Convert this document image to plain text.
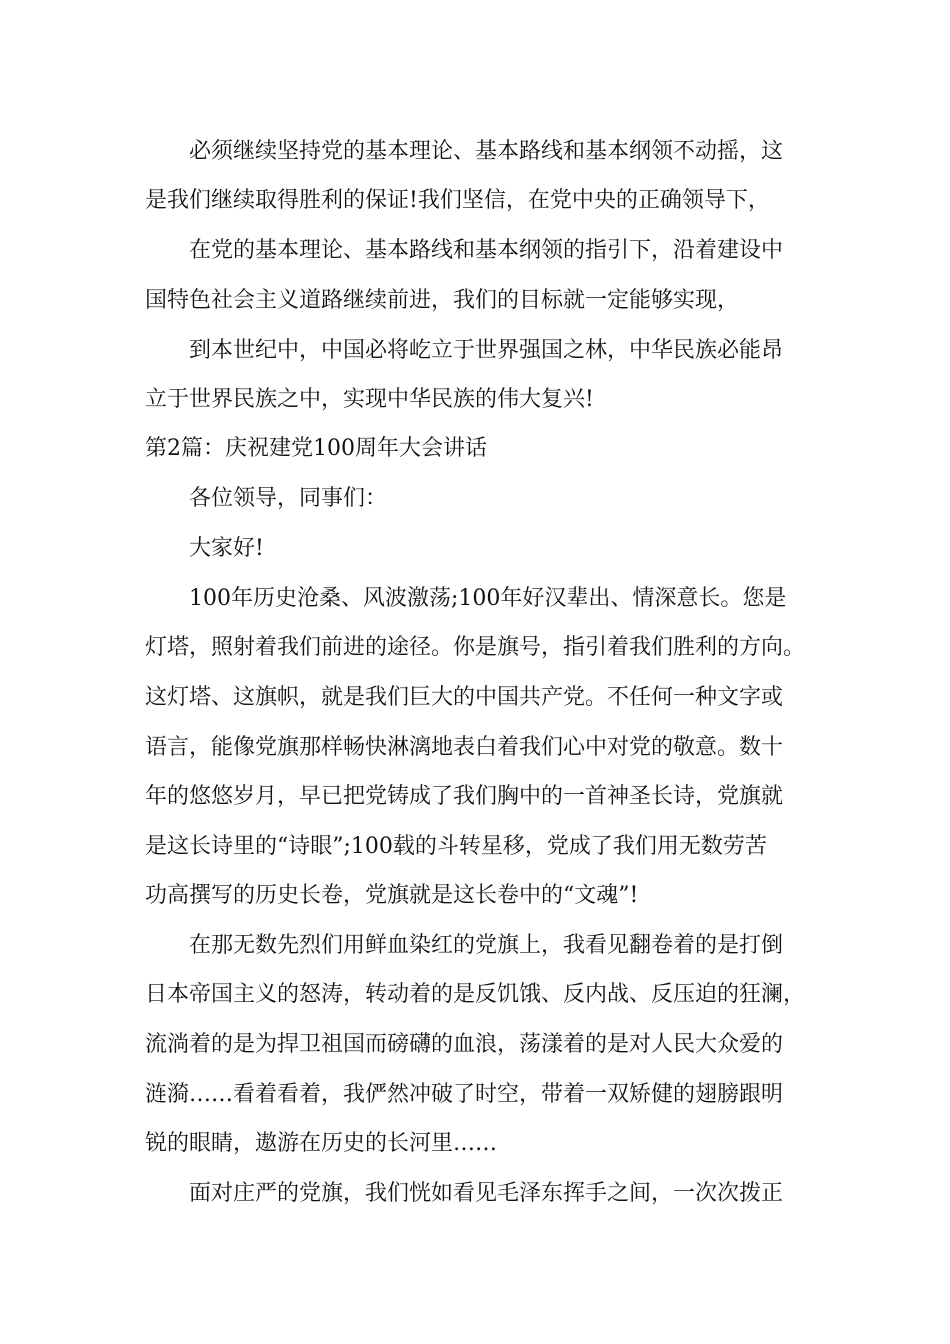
必须继续坚持党的基本理论、基本路线和基本纲领不动摇，这
是我们继续取得胜利的保证!我们坚信，在党中央的正确领导下，
在党的基本理论、基本路线和基本纲领的指引下，沿着建设中
国特色社会主义道路继续前进，我们的目标就一定能够实现，
到本世纪中，中国必将屹立于世界强国之林，中华民族必能昂
立于世界民族之中，实现中华民族的伟大复兴!
第2篇：庆祝建党100周年大会讲话
各位领导，同事们：
大家好!
100年历史沧桑、风波激荡;100年好汉辈出、情深意长。您是
灯塔，照射着我们前进的途径。你是旗号，指引着我们胜利的方向。
这灯塔、这旗帜，就是我们巨大的中国共产党。不任何一种文字或
语言，能像党旗那样畅快淋漓地表白着我们心中对党的敬意。数十
年的悠悠岁月，早已把党铸成了我们胸中的一首神圣长诗，党旗就
是这长诗里的“诗眼”;100载的斗转星移，党成了我们用无数劳苦
功高撰写的历史长卷，党旗就是这长卷中的“文魂”!
在那无数先烈们用鲜血染红的党旗上，我看见翻卷着的是打倒
日本帝国主义的怒涛，转动着的是反饥饿、反内战、反压迫的狂澜，
流淌着的是为捍卫祖国而磅礴的血浪，荡漾着的是对人民大众爱的
涟漪……看着看着，我俨然冲破了时空，带着一双矫健的翅膀跟明
锐的眼睛，遨游在历史的长河里……
面对庄严的党旗，我们恍如看见毛泽东挥手之间，一次次拨正
